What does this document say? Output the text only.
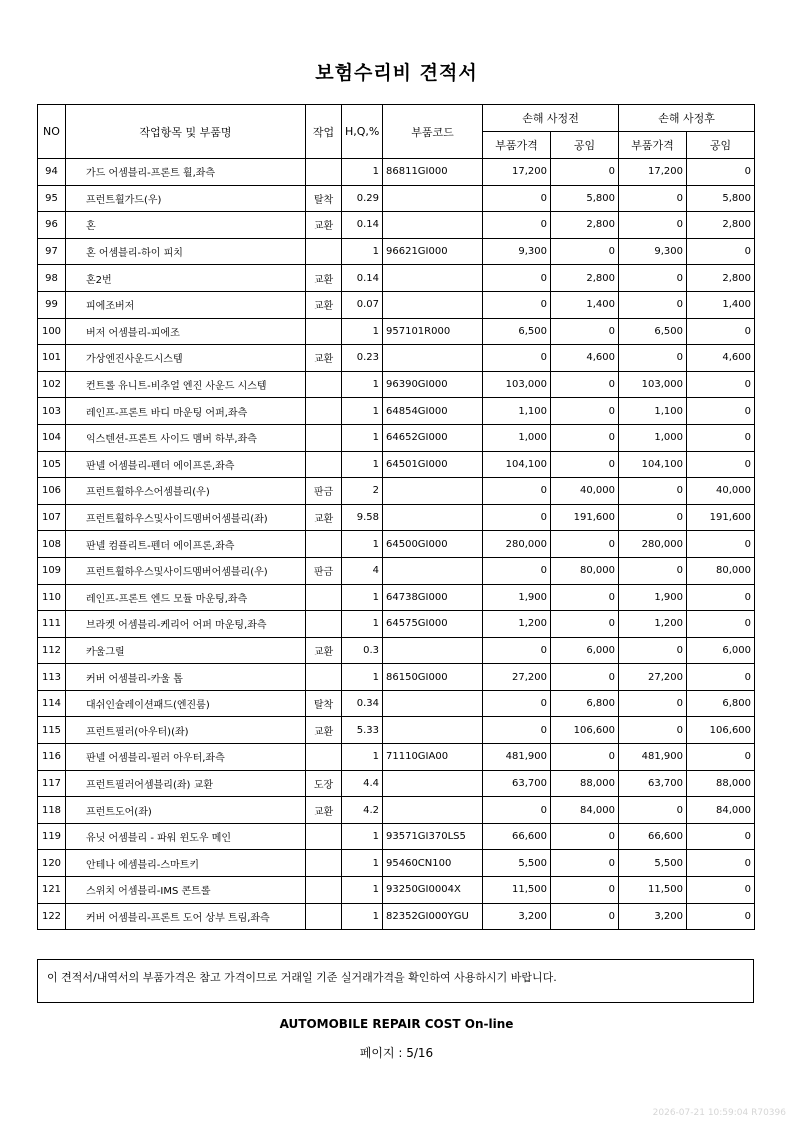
보험수리비 견적서
NO	작업항목 및 부품명	작업	H,Q,%	부품코드	손해 사정전		손해 사정후	
					부품가격	공임	부품가격	공임
94	가드 어셈블리-프론트 휠,좌측		1	86811GI000	17,200	0	17,200	0
95	프런트휠가드(우)	탈착	0.29		0	5,800	0	5,800
96	혼	교환	0.14		0	2,800	0	2,800
97	혼 어셈블리-하이 피치		1	96621GI000	9,300	0	9,300	0
98	혼2번	교환	0.14		0	2,800	0	2,800
99	피에조버저	교환	0.07		0	1,400	0	1,400
100	버저 어셈블리-피에조		1	957101R000	6,500	0	6,500	0
101	가상엔진사운드시스템	교환	0.23		0	4,600	0	4,600
102	컨트롤 유니트-비추얼 엔진 사운드 시스템		1	96390GI000	103,000	0	103,000	0
103	레인프-프론트 바디 마운팅 어퍼,좌측		1	64854GI000	1,100	0	1,100	0
104	익스텐션-프론트 사이드 멤버 하부,좌측		1	64652GI000	1,000	0	1,000	0
105	판넬 어셈블리-펜더 에이프론,좌측		1	64501GI000	104,100	0	104,100	0
106	프런트휠하우스어셈블리(우)	판금	2		0	40,000	0	40,000
107	프런트휠하우스및사이드멤버어셈블리(좌)	교환	9.58		0	191,600	0	191,600
108	판넬 컴플리트-펜더 에이프론,좌측		1	64500GI000	280,000	0	280,000	0
109	프런트휠하우스및사이드멤버어셈블리(우)	판금	4		0	80,000	0	80,000
110	레인프-프론트 엔드 모듈 마운팅,좌측		1	64738GI000	1,900	0	1,900	0
111	브라켓 어셈블리-케리어 어퍼 마운팅,좌측		1	64575GI000	1,200	0	1,200	0
112	카울그릴	교환	0.3		0	6,000	0	6,000
113	커버 어셈블리-카울 톱		1	86150GI000	27,200	0	27,200	0
114	대쉬인슐레이션패드(엔진룸)	탈착	0.34		0	6,800	0	6,800
115	프런트필러(아우터)(좌)	교환	5.33		0	106,600	0	106,600
116	판넬 어셈블리-필러 아우터,좌측		1	71110GIA00	481,900	0	481,900	0
117	프런트필러어셈블리(좌) 교환	도장	4.4		63,700	88,000	63,700	88,000
118	프런트도어(좌)	교환	4.2		0	84,000	0	84,000
119	유닛 어셈블리 - 파워 윈도우 메인		1	93571GI370LS5	66,600	0	66,600	0
120	안테나 에셈블리-스마트키		1	95460CN100	5,500	0	5,500	0
121	스위치 어셈블리-IMS 콘트롤		1	93250GI0004X	11,500	0	11,500	0
122	커버 어셈블리-프론트 도어 상부 트림,좌측		1	82352GI000YGU	3,200	0	3,200	0
이 견적서/내역서의 부품가격은 참고 가격이므로 거래일 기준 실거래가격을 확인하여 사용하시기 바랍니다.
AUTOMOBILE REPAIR COST On-line
페이지 : 5/16
2026-07-21 10:59:04 R70396
